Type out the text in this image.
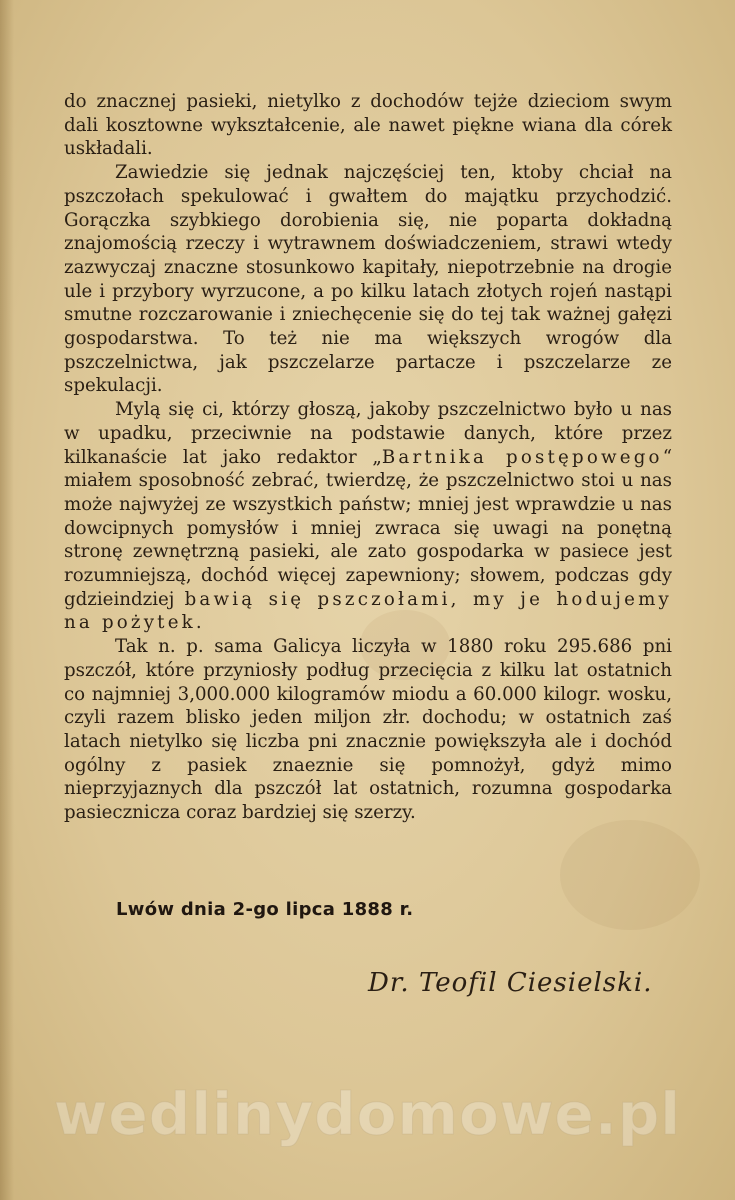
do znacznej pasieki, nietylko z dochodów tejże dzieciom swym dali kosztowne wykształcenie, ale nawet piękne wiana dla córek uskładali.

Zawiedzie się jednak najczęściej ten, ktoby chciał na pszczołach spekulować i gwałtem do majątku przychodzić. Gorączka szybkiego dorobienia się, nie poparta dokładną znajomością rzeczy i wytrawnem doświadczeniem, strawi wtedy zazwyczaj znaczne stosunkowo kapitały, niepotrzebnie na drogie ule i przybory wyrzucone, a po kilku latach złotych rojeń nastąpi smutne rozczarowanie i zniechęcenie się do tej tak ważnej gałęzi gospodarstwa. To też nie ma większych wrogów dla pszczelnictwa, jak pszczelarze partacze i pszczelarze ze spekulacji.

Mylą się ci, którzy głoszą, jakoby pszczelnictwo było u nas w upadku, przeciwnie na podstawie danych, które przez kilkanaście lat jako redaktor „Bartnika postępowego“ miałem sposobność zebrać, twierdzę, że pszczelnictwo stoi u nas może najwyżej ze wszystkich państw; mniej jest wprawdzie u nas dowcipnych pomysłów i mniej zwraca się uwagi na ponętną stronę zewnętrzną pasieki, ale zato gospodarka w pasiece jest rozumniejszą, dochód więcej zapewniony; słowem, podczas gdy gdzieindziej bawią się pszczołami, my je hodujemy na pożytek.

Tak n. p. sama Galicya liczyła w 1880 roku 295.686 pni pszczół, które przyniosły podług przecięcia z kilku lat ostatnich co najmniej 3,000.000 kilogramów miodu a 60.000 kilogr. wosku, czyli razem blisko jeden miljon złr. dochodu; w ostatnich zaś latach nietylko się liczba pni znacznie powiększyła ale i dochód ogólny z pasiek znaeznie się pomnożył, gdyż mimo nieprzyjaznych dla pszczół lat ostatnich, rozumna gospodarka pasiecznicza coraz bardziej się szerzy.

Lwów dnia 2-go lipca 1888 r.
Dr. Teofil Ciesielski.
wedlinydomowe.pl
